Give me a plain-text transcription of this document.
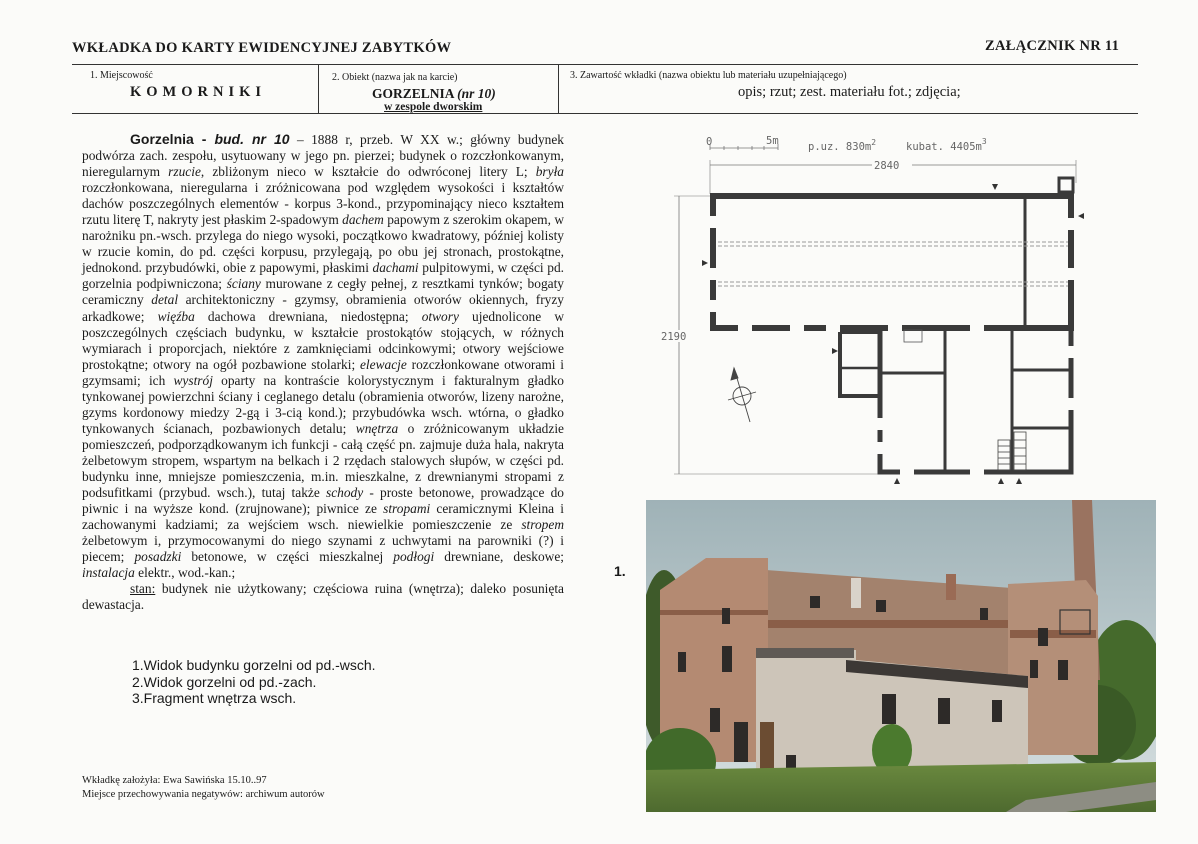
WKŁADKA DO KARTY EWIDENCYJNEJ ZABYTKÓW	ZAŁĄCZNIK NR 11
1. Miejscowość
KOMORNIKI
2. Obiekt (nazwa jak na karcie)
GORZELNIA (nr 10)
w zespole dworskim
3. Zawartość wkładki (nazwa obiektu lub materiału uzupełniającego)
opis; rzut; zest. materiału fot.; zdjęcia;
Gorzelnia - bud. nr 10 – 1888 r, przeb. W XX w.; główny budynek podwórza zach. zespołu, usytuowany w jego pn. pierzei; budynek o rozczłonkowanym, nieregularnym rzucie, zbliżonym nieco w kształcie do odwróconej litery L; bryła rozczłonkowana, nieregularna i zróżnicowana pod względem wysokości i kształtów dachów poszczególnych elementów - korpus 3-kond., przypominający nieco kształtem rzutu literę T, nakryty jest płaskim 2-spadowym dachem papowym z szerokim okapem, w narożniku pn.-wsch. przylega do niego wysoki, początkowo kwadratowy, później kolisty w rzucie komin, do pd. części korpusu, przylegają, po obu jej stronach, prostokątne, jednokond. przybudówki, obie z papowymi, płaskimi dachami pulpitowymi, w części pd. gorzelnia podpiwniczona; ściany murowane z cegły pełnej, z resztkami tynków; bogaty ceramiczny detal architektoniczny - gzymsy, obramienia otworów okiennych, fryzy arkadkowe; więźba dachowa drewniana, niedostępna; otwory ujednolicone w poszczególnych częściach budynku, w kształcie prostokątów stojących, w różnych wymiarach i proporcjach, niektóre z zamknięciami odcinkowymi; otwory wejściowe prostokątne; otwory na ogół pozbawione stolarki; elewacje rozczłonkowane otworami i gzymsami; ich wystrój oparty na kontraście kolorystycznym i fakturalnym gładko tynkowanej powierzchni ściany i ceglanego detalu (obramienia otworów, lizeny narożne, gzyms kordonowy miedzy 2-gą i 3-cią kond.); przybudówka wsch. wtórna, o gładko tynkowanych ścianach, pozbawionych detalu; wnętrza o zróżnicowanym układzie pomieszczeń, podporządkowanym ich funkcji - całą część pn. zajmuje duża hala, nakryta żelbetowym stropem, wspartym na belkach i 2 rzędach stalowych słupów, w części pd. budynku inne, mniejsze pomieszczenia, m.in. mieszkalne, z drewnianymi stropami z podsufitkami (przybud. wsch.), tutaj także schody - proste betonowe, prowadzące do piwnic i na wyższe kond. (zrujnowane); piwnice ze stropami ceramicznymi Kleina i zachowanymi kadziami; za wejściem wsch. niewielkie pomieszczenie ze stropem żelbetowym i, przymocowanymi do niego szynami z uchwytami na parowniki (?) i piecem; posadzki betonowe, w części mieszkalnej podłogi drewniane, deskowe; instalacja elektr., wod.-kan.;
stan: budynek nie użytkowany; częściowa ruina (wnętrza); daleko posunięta dewastacja.
1.Widok budynku gorzelni od pd.-wsch.
2.Widok gorzelni od pd.-zach.
3.Fragment wnętrza wsch.
Wkładkę założyła: Ewa Sawińska 15.10..97
Miejsce przechowywania negatywów: archiwum autorów
0	5m	p.uz. $830m^2$	kubat. $4405m^3$
2840
2190
1.
